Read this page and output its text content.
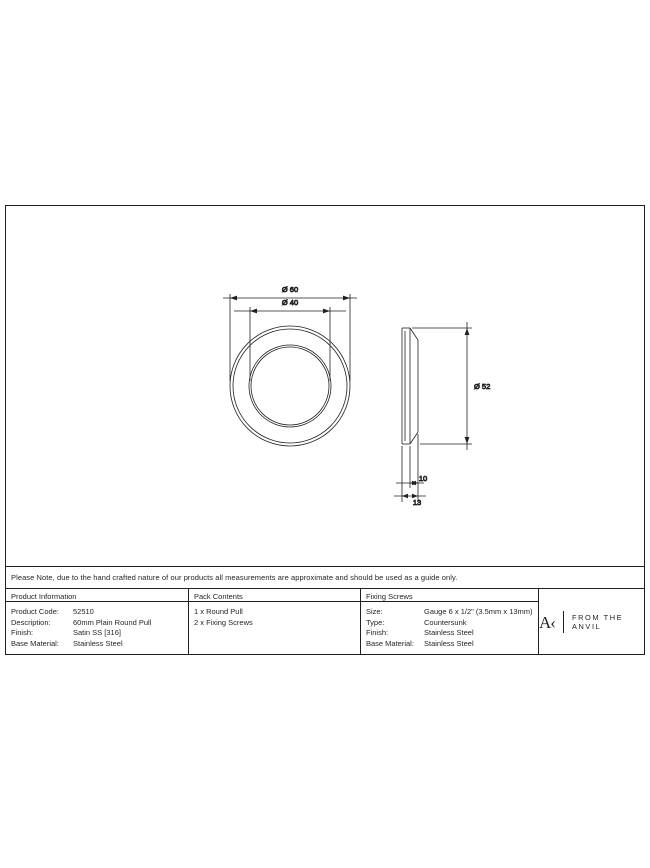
Ø 60
Ø 40
Ø 52
10
13
Please Note, due to the hand crafted nature of our products all measurements are approximate and should be used as a guide only.
Product Information
Product Code:	52510
Description:	60mm Plain Round Pull
Finish:	Satin SS [316]
Base Material:	Stainless Steel
Pack Contents
1 x Round Pull
2 x Fixing Screws
Fixing Screws
Size:	Gauge 6 x 1/2" (3.5mm x 13mm)
Type:	Countersunk
Finish:	Stainless Steel
Base Material:	Stainless Steel
A‹	FROM THE ANVIL
